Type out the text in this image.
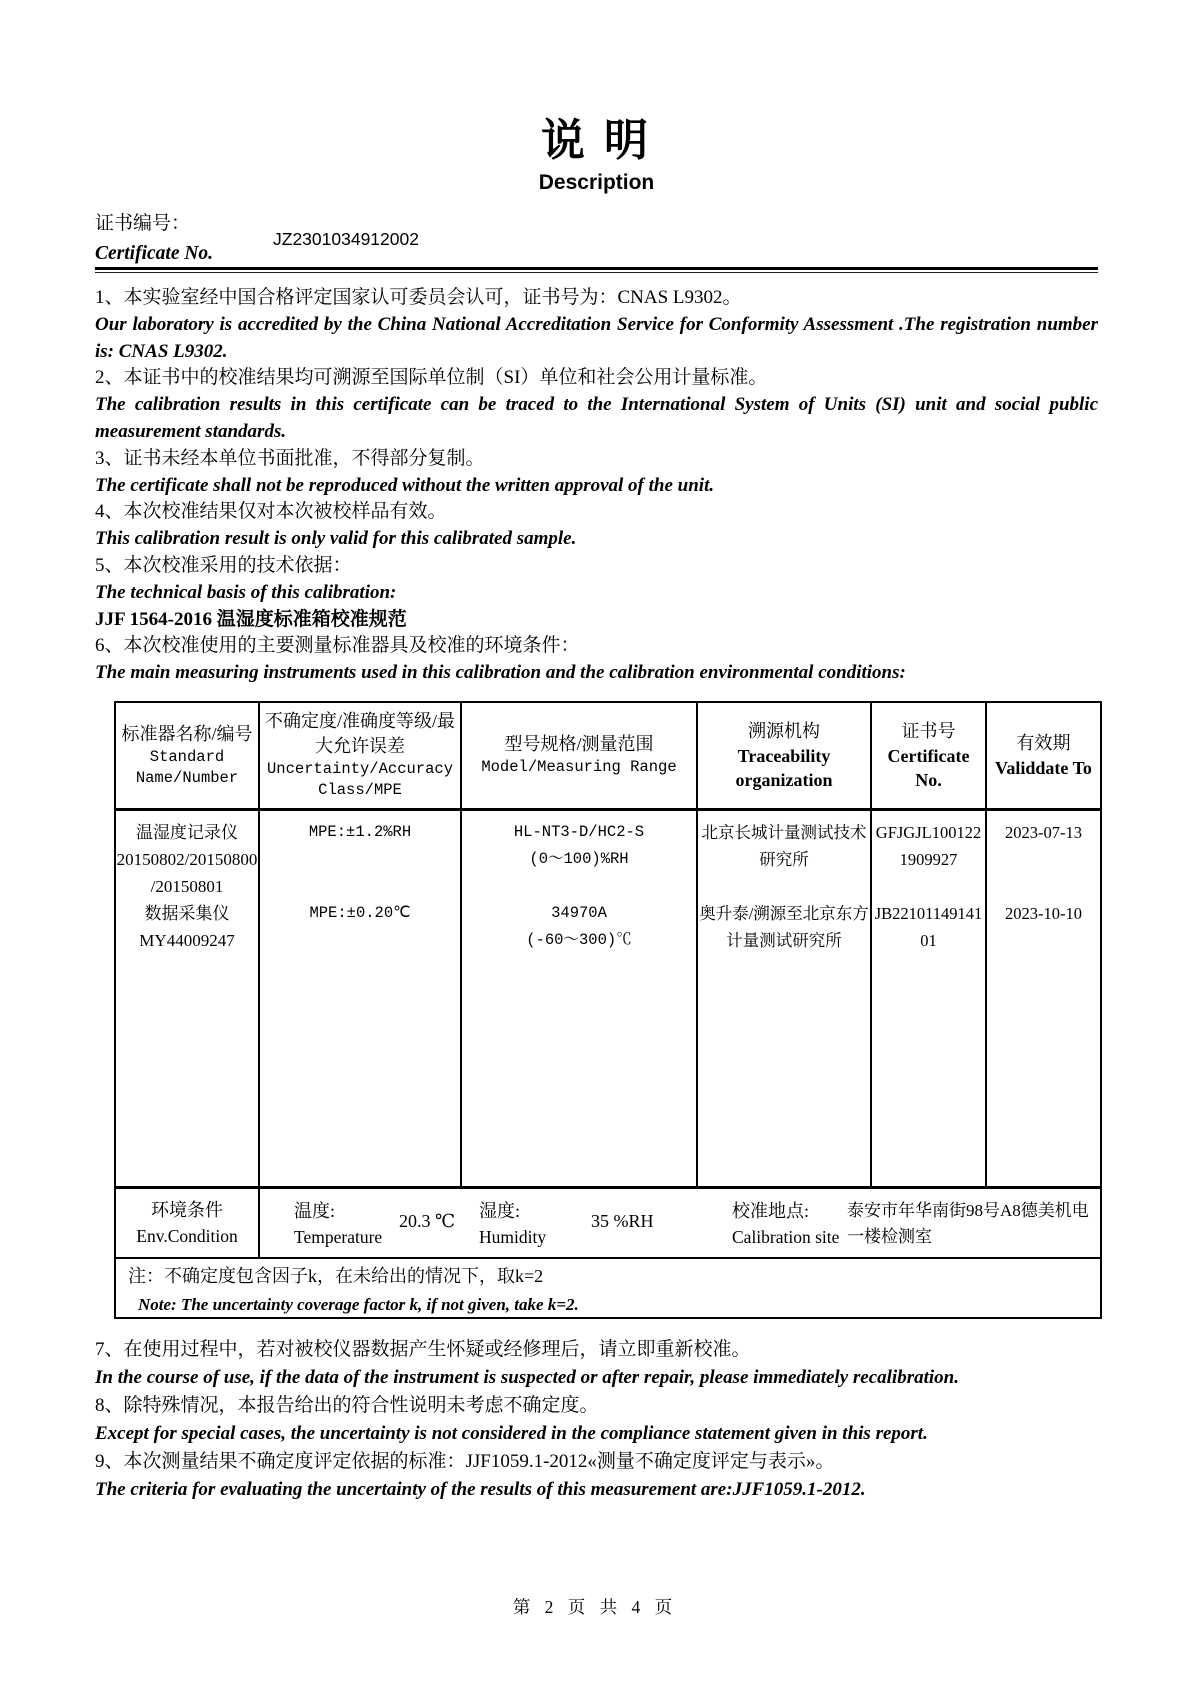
说 明
Description
证书编号：
Certificate No.
JZ2301034912002

1、本实验室经中国合格评定国家认可委员会认可，证书号为：CNAS L9302。

Our laboratory is accredited by the China National Accreditation Service for Conformity Assessment .The registration number is: CNAS L9302.

2、本证书中的校准结果均可溯源至国际单位制（SI）单位和社会公用计量标准。

The calibration results in this certificate can be traced to the International System of Units (SI) unit and social public measurement standards.

3、证书未经本单位书面批准，不得部分复制。

The certificate shall not be reproduced without the written approval of the unit.

4、本次校准结果仅对本次被校样品有效。

This calibration result is only valid for this calibrated sample.

5、本次校准采用的技术依据：

The technical basis of this calibration:

JJF 1564-2016 温湿度标准箱校准规范

6、本次校准使用的主要测量标准器具及校准的环境条件：

The main measuring instruments used in this calibration and the calibration environmental conditions:

标准器名称/编号
Standard Name/Number
不确定度/准确度等级/最大允许误差
Uncertainty/Accuracy Class/MPE
型号规格/测量范围
Model/Measuring Range
溯源机构
Traceability organization
证书号
Certificate No.
有效期
Validdate To
温湿度记录仪
20150802/20150800
/20150801
数据采集仪
MY44009247
MPE:±1.2%RH
MPE:±0.20℃
HL-NT3-D/HC2-S
(0～100)%RH
34970A
(-60～300)℃
北京长城计量测试技术
研究所
奥升泰/溯源至北京东方
计量测试研究所
GFJGJL100122
1909927
JB22101149141
01
2023-07-13
2023-10-10
环境条件
Env.Condition
温度:
Temperature
20.3 ℃ 湿度:
Humidity
35 %RH	校准地点:
Calibration site
泰安市年华南街98号A8德美机电一楼检测室
注：不确定度包含因子k，在未给出的情况下，取k=2
Note: The uncertainty coverage factor k, if not given, take k=2.

7、在使用过程中，若对被校仪器数据产生怀疑或经修理后，请立即重新校准。

In the course of use, if the data of the instrument is suspected or after repair, please immediately recalibration.

8、除特殊情况，本报告给出的符合性说明未考虑不确定度。

Except for special cases, the uncertainty is not considered in the compliance statement given in this report.

9、本次测量结果不确定度评定依据的标准：JJF1059.1-2012«测量不确定度评定与表示»。

The criteria for evaluating the uncertainty of the results of this measurement are:JJF1059.1-2012.

第 2 页 共 4 页
